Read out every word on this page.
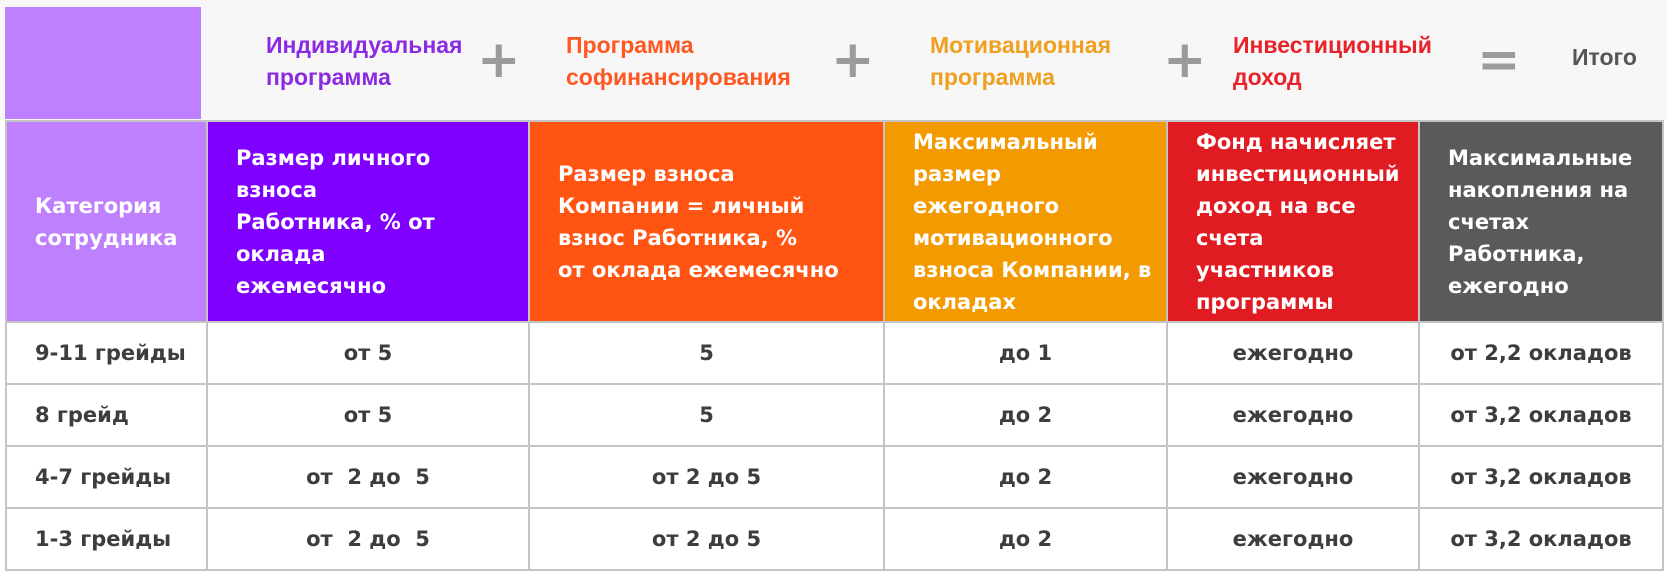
Индивидуальная
программа	+ Программа
софинансирования + Мотивационная
программа	+ Инвестиционный
доход	= Итого
Категория
сотрудника	Размер личного взноса
Работника, % от оклада
ежемесячно	Размер взноса
Компании = личный
взнос Работника, %
от оклада ежемесячно	Максимальный
размер ежегодного
мотивационного
взноса Компании, в
окладах	Фонд начисляет
инвестиционный
доход на все
счета участников
программы	Максимальные
накопления на
счетах Работника,
ежегодно
9-11 грейды	от 5	5	до 1	ежегодно	от 2,2 окладов
8 грейд	от 5	5	до 2	ежегодно	от 3,2 окладов
4-7 грейды	от  2 до  5	от 2 до 5	до 2	ежегодно	от 3,2 окладов
1-3 грейды	от  2 до  5	от 2 до 5	до 2	ежегодно	от 3,2 окладов
